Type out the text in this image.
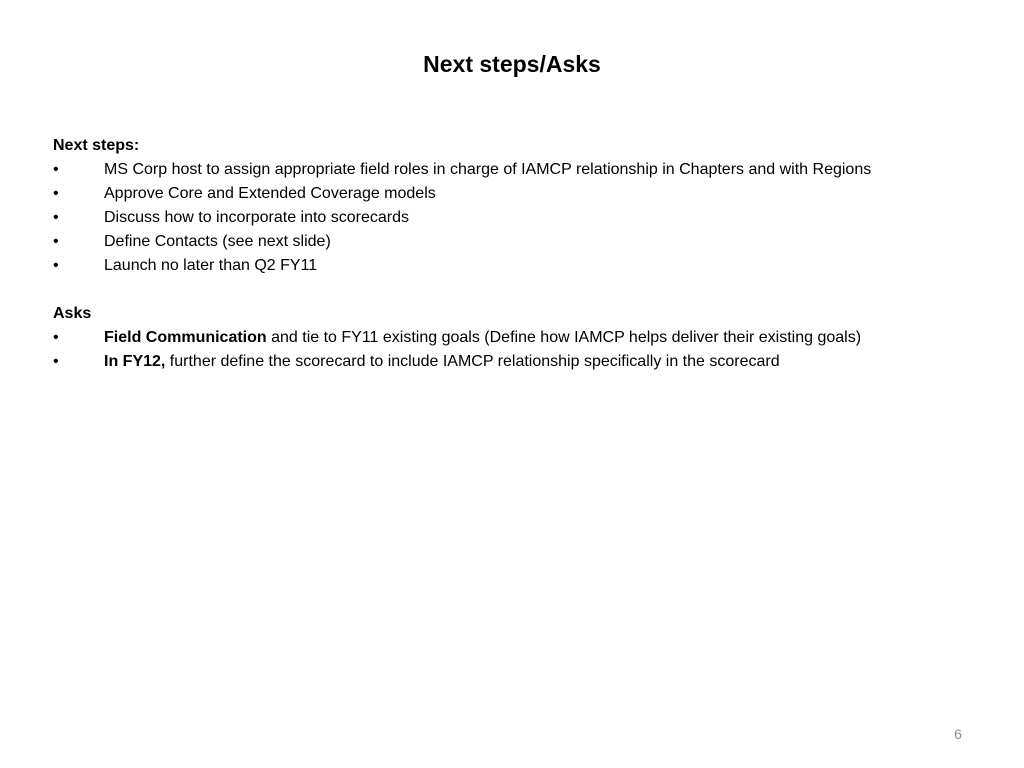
Next steps/Asks
Next steps:
•	MS Corp host to assign appropriate field roles in charge of IAMCP relationship in Chapters and with Regions
•	Approve Core and Extended Coverage models
•	Discuss how to incorporate into scorecards
•	Define Contacts (see next slide)
•	Launch no later than Q2 FY11
Asks
•	Field Communication and tie to FY11 existing goals (Define how IAMCP helps deliver their existing goals)
•	In FY12, further define the scorecard to include IAMCP relationship specifically in the scorecard
6
